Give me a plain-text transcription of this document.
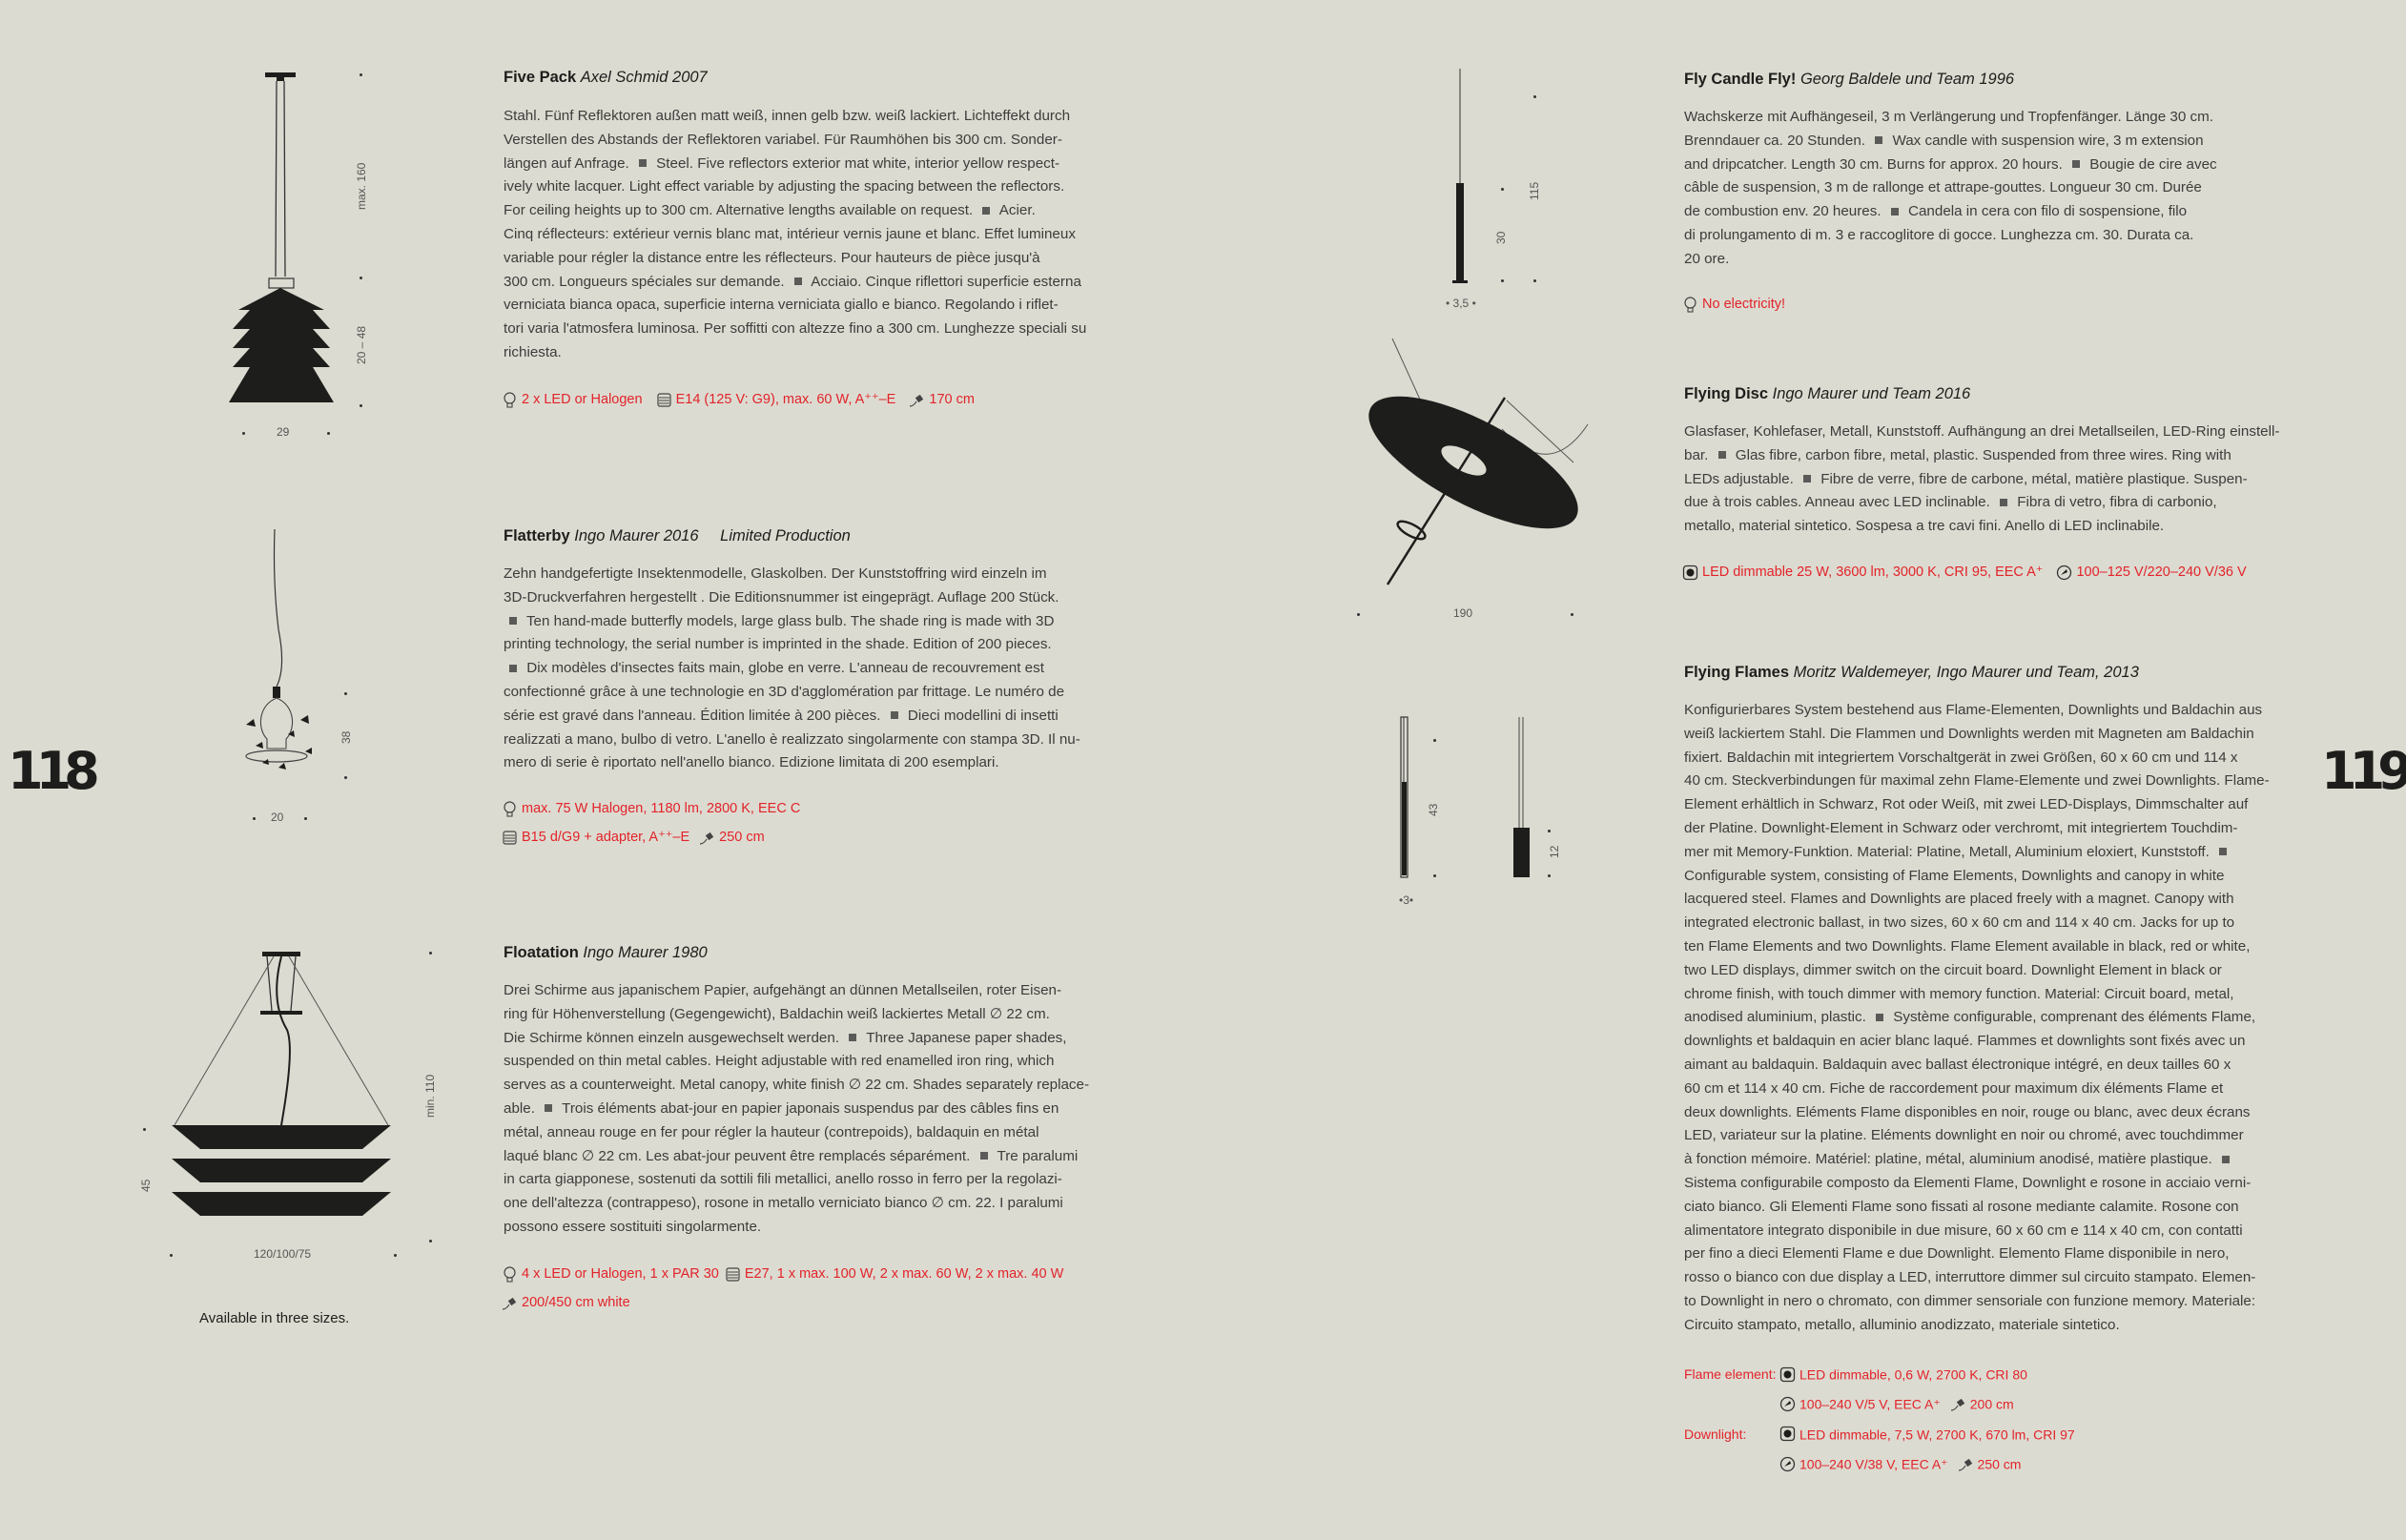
118	119
max. 160
20 – 48
29
Five Pack Axel Schmid 2007
Stahl. Fünf Reflektoren außen matt weiß, innen gelb bzw. weiß lackiert. Lichteffekt durch
Verstellen des Abstands der Reflektoren variabel. Für Raumhöhen bis 300 cm. Sonder-
längen auf Anfrage.  Steel. Five reflectors exterior mat white, interior yellow respect-
ively white lacquer. Light effect variable by adjusting the spacing between the reflectors.
For ceiling heights up to 300 cm. Alternative lengths available on request.  Acier.
Cinq réflecteurs: extérieur vernis blanc mat, intérieur vernis jaune et blanc. Effet lumineux
variable pour régler la distance entre les réflecteurs. Pour hauteurs de pièce jusqu'à
300 cm. Longueurs spéciales sur demande.  Acciaio. Cinque riflettori superficie esterna
verniciata bianca opaca, superficie interna verniciata giallo e bianco. Regolando i riflet-
tori varia l'atmosfera luminosa. Per soffitti con altezze fino a 300 cm. Lunghezze speciali su
richiesta.
2 x LED or Halogen E14 (125 V: G9), max. 60 W, A⁺⁺–E 170 cm
38
20
Flatterby Ingo Maurer 2016 Limited Production
Zehn handgefertigte Insektenmodelle, Glaskolben. Der Kunststoffring wird einzeln im
3D-Druckverfahren hergestellt . Die Editionsnummer ist eingeprägt. Auflage 200 Stück.
Ten hand-made butterfly models, large glass bulb. The shade ring is made with 3D
printing technology, the serial number is imprinted in the shade. Edition of 200 pieces.
Dix modèles d'insectes faits main, globe en verre. L'anneau de recouvrement est
confectionné grâce à une technologie en 3D d'agglomération par frittage. Le numéro de
série est gravé dans l'anneau. Édition limitée à 200 pièces.  Dieci modellini di insetti
realizzati a mano, bulbo di vetro. L'anello è realizzato singolarmente con stampa 3D. Il nu-
mero di serie è riportato nell'anello bianco. Edizione limitata di 200 esemplari.
max. 75 W Halogen, 1180 lm, 2800 K, EEC C
B15 d/G9 + adapter, A⁺⁺–E 250 cm
min. 110
45
120/100/75
Available in three sizes.
Floatation Ingo Maurer 1980
Drei Schirme aus japanischem Papier, aufgehängt an dünnen Metallseilen, roter Eisen-
ring für Höhenverstellung (Gegengewicht), Baldachin weiß lackiertes Metall ∅ 22 cm.
Die Schirme können einzeln ausgewechselt werden.  Three Japanese paper shades,
suspended on thin metal cables. Height adjustable with red enamelled iron ring, which
serves as a counterweight. Metal canopy, white finish ∅ 22 cm. Shades separately replace-
able.  Trois éléments abat-jour en papier japonais suspendus par des câbles fins en
métal, anneau rouge en fer pour régler la hauteur (contrepoids), baldaquin en métal
laqué blanc ∅ 22 cm. Les abat-jour peuvent être remplacés séparément.  Tre paralumi
in carta giapponese, sostenuti da sottili fili metallici, anello rosso in ferro per la regolazi-
one dell'altezza (contrappeso), rosone in metallo verniciato bianco ∅ cm. 22. I paralumi
possono essere sostituiti singolarmente.
4 x LED or Halogen, 1 x PAR 30 E27, 1 x max. 100 W, 2 x max. 60 W, 2 x max. 40 W
200/450 cm white
115
30
• 3,5 •
Fly Candle Fly! Georg Baldele und Team 1996
Wachskerze mit Aufhängeseil, 3 m Verlängerung und Tropfenfänger. Länge 30 cm.
Brenndauer ca. 20 Stunden.  Wax candle with suspension wire, 3 m extension
and dripcatcher. Length 30 cm. Burns for approx. 20 hours.  Bougie de cire avec
câble de suspension, 3 m de rallonge et attrape-gouttes. Longueur 30 cm. Durée
de combustion env. 20 heures.  Candela in cera con filo di sospensione, filo
di prolungamento di m. 3 e raccoglitore di gocce. Lunghezza cm. 30. Durata ca.
20 ore.
No electricity!
190
Flying Disc Ingo Maurer und Team 2016
Glasfaser, Kohlefaser, Metall, Kunststoff. Aufhängung an drei Metallseilen, LED-Ring einstell-
bar.  Glas fibre, carbon fibre, metal, plastic. Suspended from three wires. Ring with
LEDs adjustable.  Fibre de verre, fibre de carbone, métal, matière plastique. Suspen-
due à trois cables. Anneau avec LED inclinable.  Fibra di vetro, fibra di carbonio,
metallo, material sintetico. Sospesa a tre cavi fini. Anello di LED inclinabile.
LED dimmable 25 W, 3600 lm, 3000 K, CRI 95, EEC A⁺ 100–125 V/220–240 V/36 V
43
12
•3•
Flying Flames Moritz Waldemeyer, Ingo Maurer und Team, 2013
Konfigurierbares System bestehend aus Flame-Elementen, Downlights und Baldachin aus
weiß lackiertem Stahl. Die Flammen und Downlights werden mit Magneten am Baldachin
fixiert. Baldachin mit integriertem Vorschaltgerät in zwei Größen, 60 x 60 cm und 114 x
40 cm. Steckverbindungen für maximal zehn Flame-Elemente und zwei Downlights. Flame-
Element erhältlich in Schwarz, Rot oder Weiß, mit zwei LED-Displays, Dimmschalter auf
der Platine. Downlight-Element in Schwarz oder verchromt, mit integriertem Touchdim-
mer mit Memory-Funktion. Material: Platine, Metall, Aluminium eloxiert, Kunststoff.
Configurable system, consisting of Flame Elements, Downlights and canopy in white
lacquered steel. Flames and Downlights are placed freely with a magnet. Canopy with
integrated electronic ballast, in two sizes, 60 x 60 cm and 114 x 40 cm. Jacks for up to
ten Flame Elements and two Downlights. Flame Element available in black, red or white,
two LED displays, dimmer switch on the circuit board. Downlight Element in black or
chrome finish, with touch dimmer with memory function. Material: Circuit board, metal,
anodised aluminium, plastic.  Système configurable, comprenant des éléments Flame,
downlights et baldaquin en acier blanc laqué. Flammes et downlights sont fixés avec un
aimant au baldaquin. Baldaquin avec ballast électronique intégré, en deux tailles 60 x
60 cm et 114 x 40 cm. Fiche de raccordement pour maximum dix éléments Flame et
deux downlights. Eléments Flame disponibles en noir, rouge ou blanc, avec deux écrans
LED, variateur sur la platine. Eléments downlight en noir ou chromé, avec touchdimmer
à fonction mémoire. Matériel: platine, métal, aluminium anodisé, matière plastique.
Sistema configurabile composto da Elementi Flame, Downlight e rosone in acciaio verni-
ciato bianco. Gli Elementi Flame sono fissati al rosone mediante calamite. Rosone con
alimentatore integrato disponibile in due misure, 60 x 60 cm e 114 x 40 cm, con contatti
per fino a dieci Elementi Flame e due Downlight. Elemento Flame disponibile in nero,
rosso o bianco con due display a LED, interruttore dimmer sul circuito stampato. Elemen-
to Downlight in nero o chromato, con dimmer sensoriale con funzione memory. Materiale:
Circuito stampato, metallo, alluminio anodizzato, materiale sintetico.
Flame element: LED dimmable, 0,6 W, 2700 K, CRI 80
100–240 V/5 V, EEC A⁺ 200 cm
Downlight:	LED dimmable, 7,5 W, 2700 K, 670 lm, CRI 97
100–240 V/38 V, EEC A⁺ 250 cm
